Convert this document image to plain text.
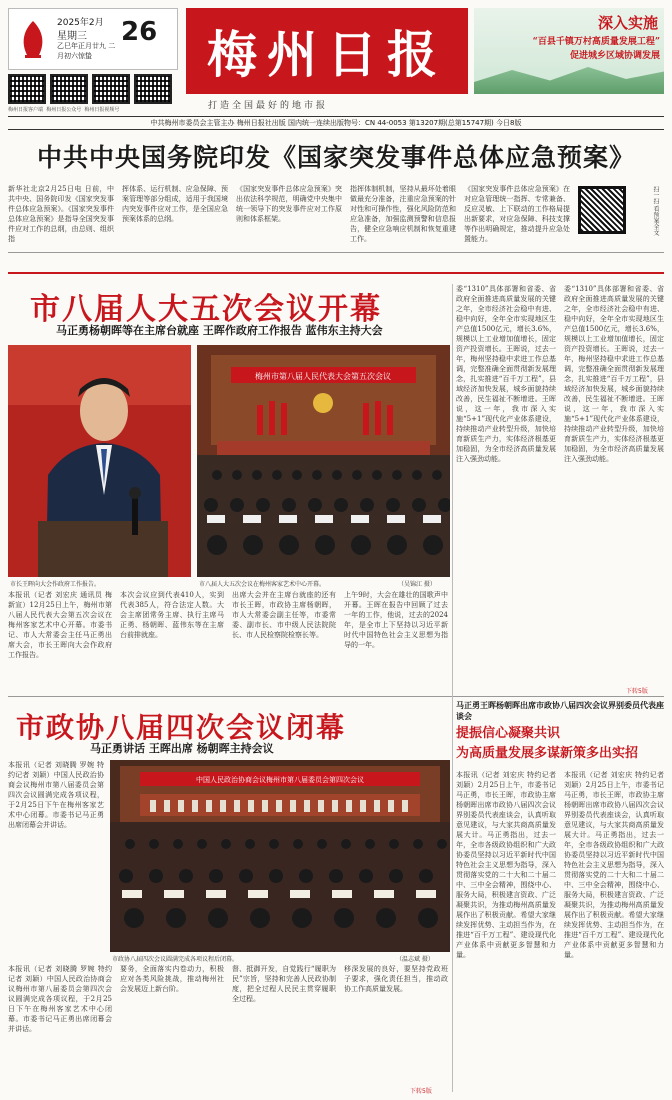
2025年2月
星期三 26
乙巳年正月廿九 二月初六惊蛰
梅州日报客户端 梅州日报公众号 梅州日报视频号
梅州日报
打造全国最好的地市报
深入实施
“百县千镇万村高质量发展工程”
促进城乡区域协调发展
中共梅州市委员会主管主办 梅州日报社出版 国内统一连续出版物号：CN 44-0053 第13207期(总第15747期) 今日8版
中共中央国务院印发《国家突发事件总体应急预案》
新华社北京2月25日电 日前，中共中央、国务院印发《国家突发事件总体应急预案》。《国家突发事件总体应急预案》是指导全国突发事件应对工作的总纲，由总则、组织指
挥体系、运行机制、应急保障、预案管理等部分组成，适用于我国境内突发事件应对工作，是全国应急预案体系的总纲。
《国家突发事件总体应急预案》突出依法科学规范，明确党中央集中统一领导下的突发事件应对工作原则和体系框架。
指挥体制机制，坚持从最坏处着眼做最充分准备，注重应急预案的针对性和可操作性，强化风险防范和应急准备，加强监测预警和信息报告，健全应急响应机制和恢复重建工作。
《国家突发事件总体应急预案》在对应急管理统一指挥、专常兼备、反应灵敏、上下联动的工作格局提出新要求，对应急保障、科技支撑等作出明确规定，推动提升应急处置能力。
扫一扫 看预案全文
市八届人大五次会议开幕
马正勇杨朝晖等在主席台就座 王晖作政府工作报告 蓝伟东主持大会
市长王晖向大会作政府工作报告。
梅州市第八届人民代表大会第五次会议
市八届人大五次会议在梅州客家艺术中心开幕。	（吴锦江 摄）
本报讯（记者 刘宏庆 通讯员 梅新宣）12月25日上午，梅州市第八届人民代表大会第五次会议在梅州客家艺术中心开幕。市委书记、市人大常委会主任马正勇出席大会，市长王晖向大会作政府工作报告。
本次会议应到代表410人，实到代表385人，符合法定人数。大会主席团常务主席、执行主席马正勇、杨朝晖、蓝伟东等在主席台前排就座。
出席大会并在主席台就座的还有市长王晖，市政协主席杨朝晖，市人大常委会副主任等，市委常委、副市长、市中级人民法院院长、市人民检察院检察长等。
上午9时，大会在雄壮的国歌声中开幕。王晖在报告中回顾了过去一年的工作，他说，过去的2024年，是全市上下坚持以习近平新时代中国特色社会主义思想为指导的一年。
委“1310”具体部署和省委、省政府全面推进高质量发展的关键之年，全市经济社会稳中有进、稳中向好，全年全市实现地区生产总值1500亿元，增长3.6%，规模以上工业增加值增长，固定资产投资增长。王晖说，过去一年，梅州坚持稳中求进工作总基调，完整准确全面贯彻新发展理念，扎实推进“百千万工程”，县域经济加快发展，城乡面貌持续改善，民生福祉不断增进。王晖说，这一年，我市深入实施“5+1”现代化产业体系建设，持续推动产业转型升级，加快培育新质生产力，实体经济根基更加稳固，为全市经济高质量发展注入强劲动能。
委“1310”具体部署和省委、省政府全面推进高质量发展的关键之年，全市经济社会稳中有进、稳中向好，全年全市实现地区生产总值1500亿元，增长3.6%，规模以上工业增加值增长，固定资产投资增长。王晖说，过去一年，梅州坚持稳中求进工作总基调，完整准确全面贯彻新发展理念，扎实推进“百千万工程”，县域经济加快发展，城乡面貌持续改善，民生福祉不断增进。王晖说，这一年，我市深入实施“5+1”现代化产业体系建设，持续推动产业转型升级，加快培育新质生产力，实体经济根基更加稳固，为全市经济高质量发展注入强劲动能。
下转5版
市政协八届四次会议闭幕
马正勇讲话 王晖出席 杨朝晖主持会议
本报讯（记者 刘晓腾 罗婉 特约记者 刘颖）中国人民政治协商会议梅州市第八届委员会第四次会议圆满完成各项议程，于2月25日下午在梅州客家艺术中心闭幕。市委书记马正勇出席闭幕会并讲话。
中国人民政治协商会议梅州市第八届委员会第四次会议
市政协八届四次会议圆满完成各项议程后闭幕。	（温志斌 摄）
本报讯（记者 刘晓腾 罗婉 特约记者 刘颖）中国人民政治协商会议梅州市第八届委员会第四次会议圆满完成各项议程，于2月25日下午在梅州客家艺术中心闭幕。市委书记马正勇出席闭幕会并讲话。
要务，全面落实内卷动力，积极应对各类风险挑战，推动梅州社会发展迈上新台阶。
督、抵御开发，自觉践行“履职为民”宗旨，坚持和完善人民政协制度，把全过程人民民主贯穿履职全过程。
移深发展的良好，要坚持党政班子要求，强化责任担当，推动政协工作高质量发展。
下转5版
马正勇王晖杨朝晖出席市政协八届四次会议界别委员代表座谈会
提振信心凝聚共识
为高质量发展多谋新策多出实招
本报讯（记者 刘宏庆 特约记者 刘颖）2月25日上午，市委书记马正勇，市长王晖，市政协主席杨朝晖出席市政协八届四次会议界别委员代表座谈会，认真听取意见建议，与大家共商高质量发展大计。马正勇指出，过去一年，全市各级政协组织和广大政协委员坚持以习近平新时代中国特色社会主义思想为指导，深入贯彻落实党的二十大和二十届二中、三中全会精神，围绕中心、服务大局，积极建言资政、广泛凝聚共识，为推动梅州高质量发展作出了积极贡献。希望大家继续发挥优势、主动担当作为，在推进“百千万工程”、建设现代化产业体系中贡献更多智慧和力量。
本报讯（记者 刘宏庆 特约记者 刘颖）2月25日上午，市委书记马正勇，市长王晖，市政协主席杨朝晖出席市政协八届四次会议界别委员代表座谈会，认真听取意见建议，与大家共商高质量发展大计。马正勇指出，过去一年，全市各级政协组织和广大政协委员坚持以习近平新时代中国特色社会主义思想为指导，深入贯彻落实党的二十大和二十届二中、三中全会精神，围绕中心、服务大局，积极建言资政、广泛凝聚共识，为推动梅州高质量发展作出了积极贡献。希望大家继续发挥优势、主动担当作为，在推进“百千万工程”、建设现代化产业体系中贡献更多智慧和力量。
